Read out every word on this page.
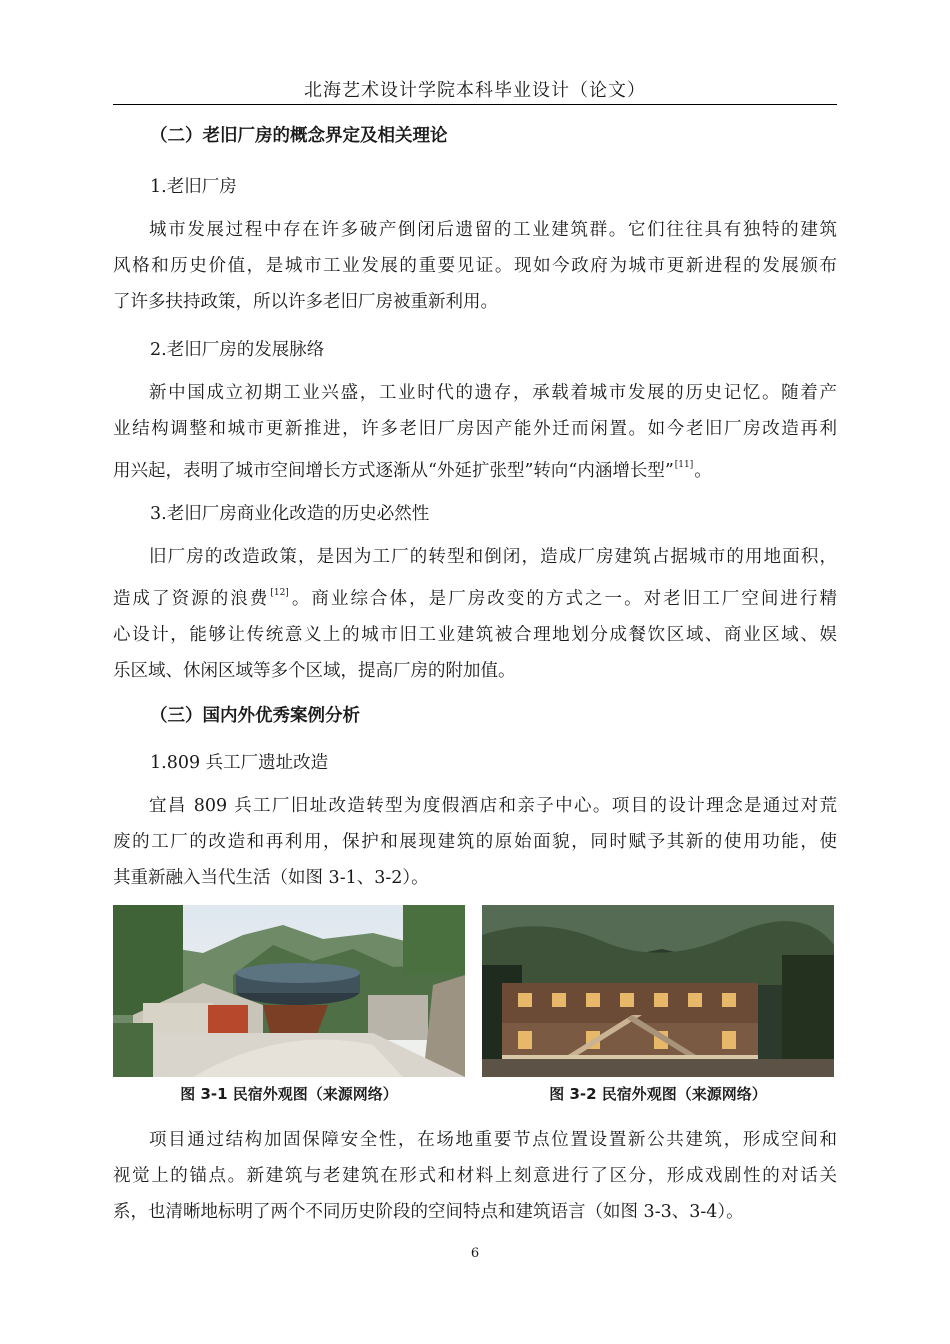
北海艺术设计学院本科毕业设计（论文）
（二）老旧厂房的概念界定及相关理论
1.老旧厂房
城市发展过程中存在许多破产倒闭后遗留的工业建筑群。它们往往具有独特的建筑
风格和历史价值，是城市工业发展的重要见证。现如今政府为城市更新进程的发展颁布
了许多扶持政策，所以许多老旧厂房被重新利用。
2.老旧厂房的发展脉络
新中国成立初期工业兴盛，工业时代的遗存，承载着城市发展的历史记忆。随着产
业结构调整和城市更新推进，许多老旧厂房因产能外迁而闲置。如今老旧厂房改造再利
用兴起，表明了城市空间增长方式逐渐从“外延扩张型”转向“内涵增长型”[11]。
3.老旧厂房商业化改造的历史必然性
旧厂房的改造政策，是因为工厂的转型和倒闭，造成厂房建筑占据城市的用地面积，
造成了资源的浪费[12]。商业综合体，是厂房改变的方式之一。对老旧工厂空间进行精
心设计，能够让传统意义上的城市旧工业建筑被合理地划分成餐饮区域、商业区域、娱
乐区域、休闲区域等多个区域，提高厂房的附加值。
（三）国内外优秀案例分析
1.809 兵工厂遗址改造
宜昌 809 兵工厂旧址改造转型为度假酒店和亲子中心。项目的设计理念是通过对荒
废的工厂的改造和再利用，保护和展现建筑的原始面貌，同时赋予其新的使用功能，使
其重新融入当代生活（如图 3-1、3-2）。
图 3-1 民宿外观图（来源网络）	图 3-2 民宿外观图（来源网络）
项目通过结构加固保障安全性，在场地重要节点位置设置新公共建筑，形成空间和
视觉上的锚点。新建筑与老建筑在形式和材料上刻意进行了区分，形成戏剧性的对话关
系，也清晰地标明了两个不同历史阶段的空间特点和建筑语言（如图 3-3、3-4）。
6
